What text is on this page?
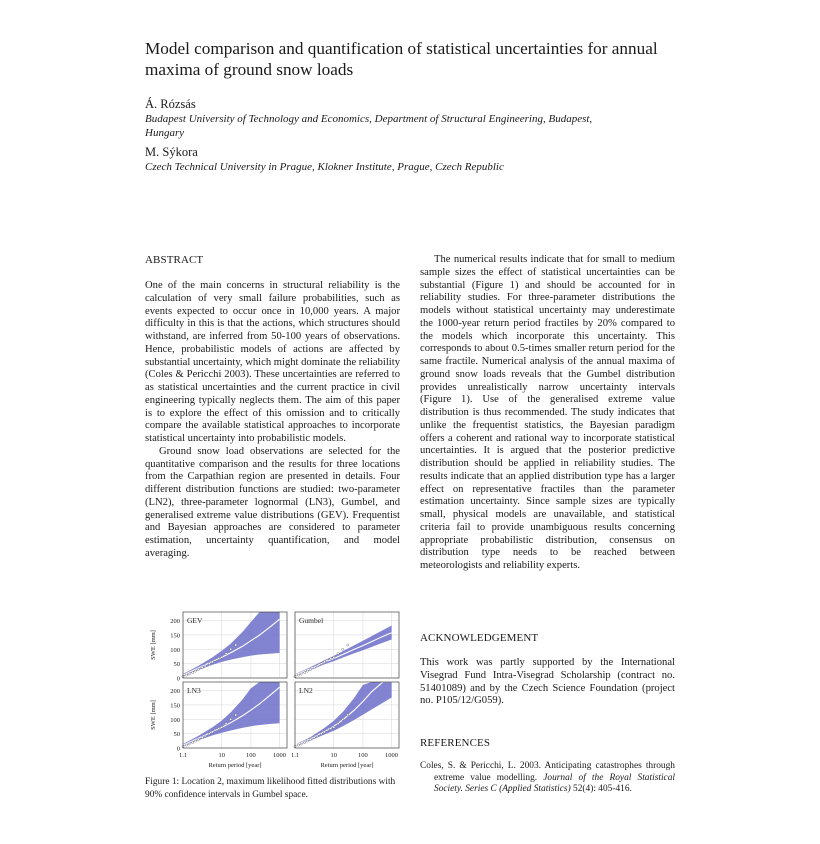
Model comparison and quantification of statistical uncertainties for annual maxima of ground snow loads
Á. Rózsás
Budapest University of Technology and Economics, Department of Structural Engineering, Budapest, Hungary
M. Sýkora
Czech Technical University in Prague, Klokner Institute, Prague, Czech Republic
ABSTRACT

One of the main concerns in structural reliability is the calculation of very small failure probabilities, such as events expected to occur once in 10,000 years. A major difficulty in this is that the actions, which structures should withstand, are inferred from 50-100 years of observations. Hence, probabilistic models of actions are affected by substantial uncertainty, which might dominate the reliability (Coles & Pericchi 2003). These uncertainties are referred to as statistical uncertainties and the current practice in civil engineering typically neglects them. The aim of this paper is to explore the effect of this omission and to critically compare the available statistical approaches to incorporate statistical uncertainty into probabilistic models.

Ground snow load observations are selected for the quantitative comparison and the results for three locations from the Carpathian region are presented in details. Four different distribution functions are studied: two-parameter (LN2), three-parameter lognormal (LN3), Gumbel, and generalised extreme value distributions (GEV). Frequentist and Bayesian approaches are considered to parameter estimation, uncertainty quantification, and model averaging.

The numerical results indicate that for small to medium sample sizes the effect of statistical uncertainties can be substantial (Figure 1) and should be accounted for in reliability studies. For three-parameter distributions the models without statistical uncertainty may underestimate the 1000-year return period fractiles by 20% compared to the models which incorporate this uncertainty. This corresponds to about 0.5-times smaller return period for the same fractile. Numerical analysis of the annual maxima of ground snow loads reveals that the Gumbel distribution provides unrealistically narrow uncertainty intervals (Figure 1). Use of the generalised extreme value distribution is thus recommended. The study indicates that unlike the frequentist statistics, the Bayesian paradigm offers a coherent and rational way to incorporate statistical uncertainties. It is argued that the posterior predictive distribution should be applied in reliability studies. The results indicate that an applied distribution type has a larger effect on representative fractiles than the parameter estimation uncertainty. Since sample sizes are typically small, physical models are unavailable, and statistical criteria fail to provide unambiguous results concerning appropriate probabilistic distribution, consensus on distribution type needs to be reached between meteorologists and reliability experts.

ACKNOWLEDGEMENT
This work was partly supported by the International Visegrad Fund Intra-Visegrad Scholarship (contract no. 51401089) and by the Czech Science Foundation (project no. P105/12/G059).
REFERENCES
Coles, S. & Pericchi, L. 2003. Anticipating catastrophes through extreme value modelling. Journal of the Royal Statistical Society. Series C (Applied Statistics) 52(4): 405-416.
GEV
0
50
100
150
200
SWE [mm]
Gumbel
LN3
0
50
100
150
200
1.1	10	100	1000
Return period [year]
SWE [mm]
LN2
1.1	10	100	1000
Return period [year]
Figure 1: Location 2, maximum likelihood fitted distributions with 90% confidence intervals in Gumbel space.
